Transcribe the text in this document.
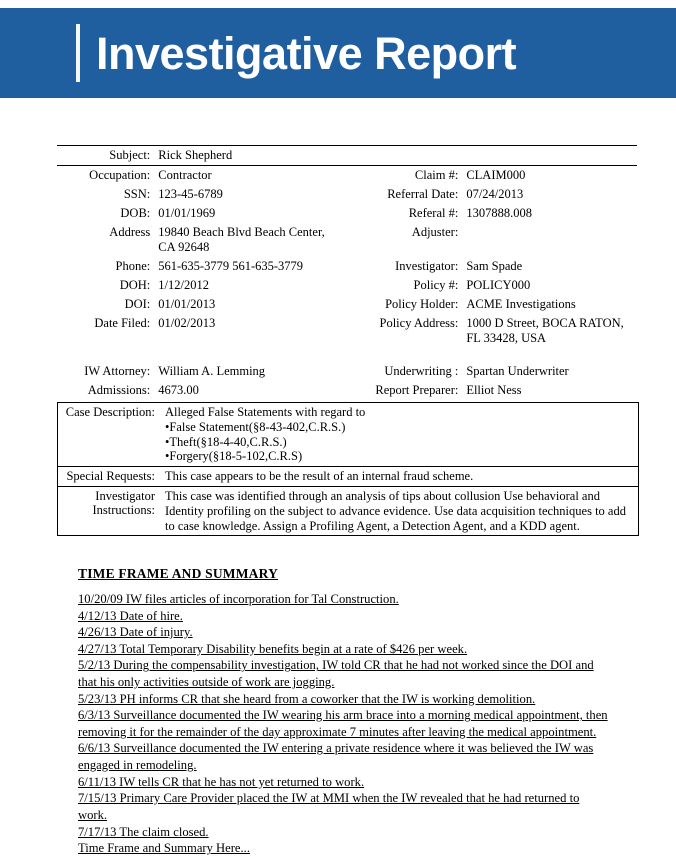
Investigative Report
Subject:	Rick Shepherd		
Occupation:	Contractor	Claim #:	CLAIM000
SSN:	123-45-6789	Referral Date:	07/24/2013
DOB:	01/01/1969	Referal #:	1307888.008
Address	19840 Beach Blvd Beach Center, CA 92648	Adjuster:	
Phone:	561-635-3779 561-635-3779	Investigator:	Sam Spade
DOH:	1/12/2012	Policy #:	POLICY000
DOI:	01/01/2013	Policy Holder:	ACME Investigations
Date Filed:	01/02/2013	Policy Address:	1000 D Street, BOCA RATON, FL 33428, USA

IW Attorney:	William A. Lemming	Underwriting :	Spartan Underwriter
Admissions:	4673.00	Report Preparer:	Elliot Ness
Case Description:	Alleged False Statements with regard to
•False Statement(§8-43-402,C.R.S.)
•Theft(§18-4-40,C.R.S.)
•Forgery(§18-5-102,C.R.S)

Special Requests:	This case appears to be the result of an internal fraud scheme.

Investigator
Instructions:	This case was identified through an analysis of tips about collusion Use behavioral and Identity profiling on the subject to advance evidence. Use data acquisition techniques to add to case knowledge. Assign a Profiling Agent, a Detection Agent, and a KDD agent.
TIME FRAME AND SUMMARY
10/20/09 IW files articles of incorporation for Tal Construction.
4/12/13 Date of hire.
4/26/13 Date of injury.
4/27/13 Total Temporary Disability benefits begin at a rate of $426 per week.
5/2/13 During the compensability investigation, IW told CR that he had not worked since the DOI and that his only activities outside of work are jogging.
5/23/13 PH informs CR that she heard from a coworker that the IW is working demolition.
6/3/13 Surveillance documented the IW wearing his arm brace into a morning medical appointment, then removing it for the remainder of the day approximate 7 minutes after leaving the medical appointment.
6/6/13 Surveillance documented the IW entering a private residence where it was believed the IW was engaged in remodeling.
6/11/13 IW tells CR that he has not yet returned to work.
7/15/13 Primary Care Provider placed the IW at MMI when the IW revealed that he had returned to work.
7/17/13 The claim closed.
Time Frame and Summary Here...
